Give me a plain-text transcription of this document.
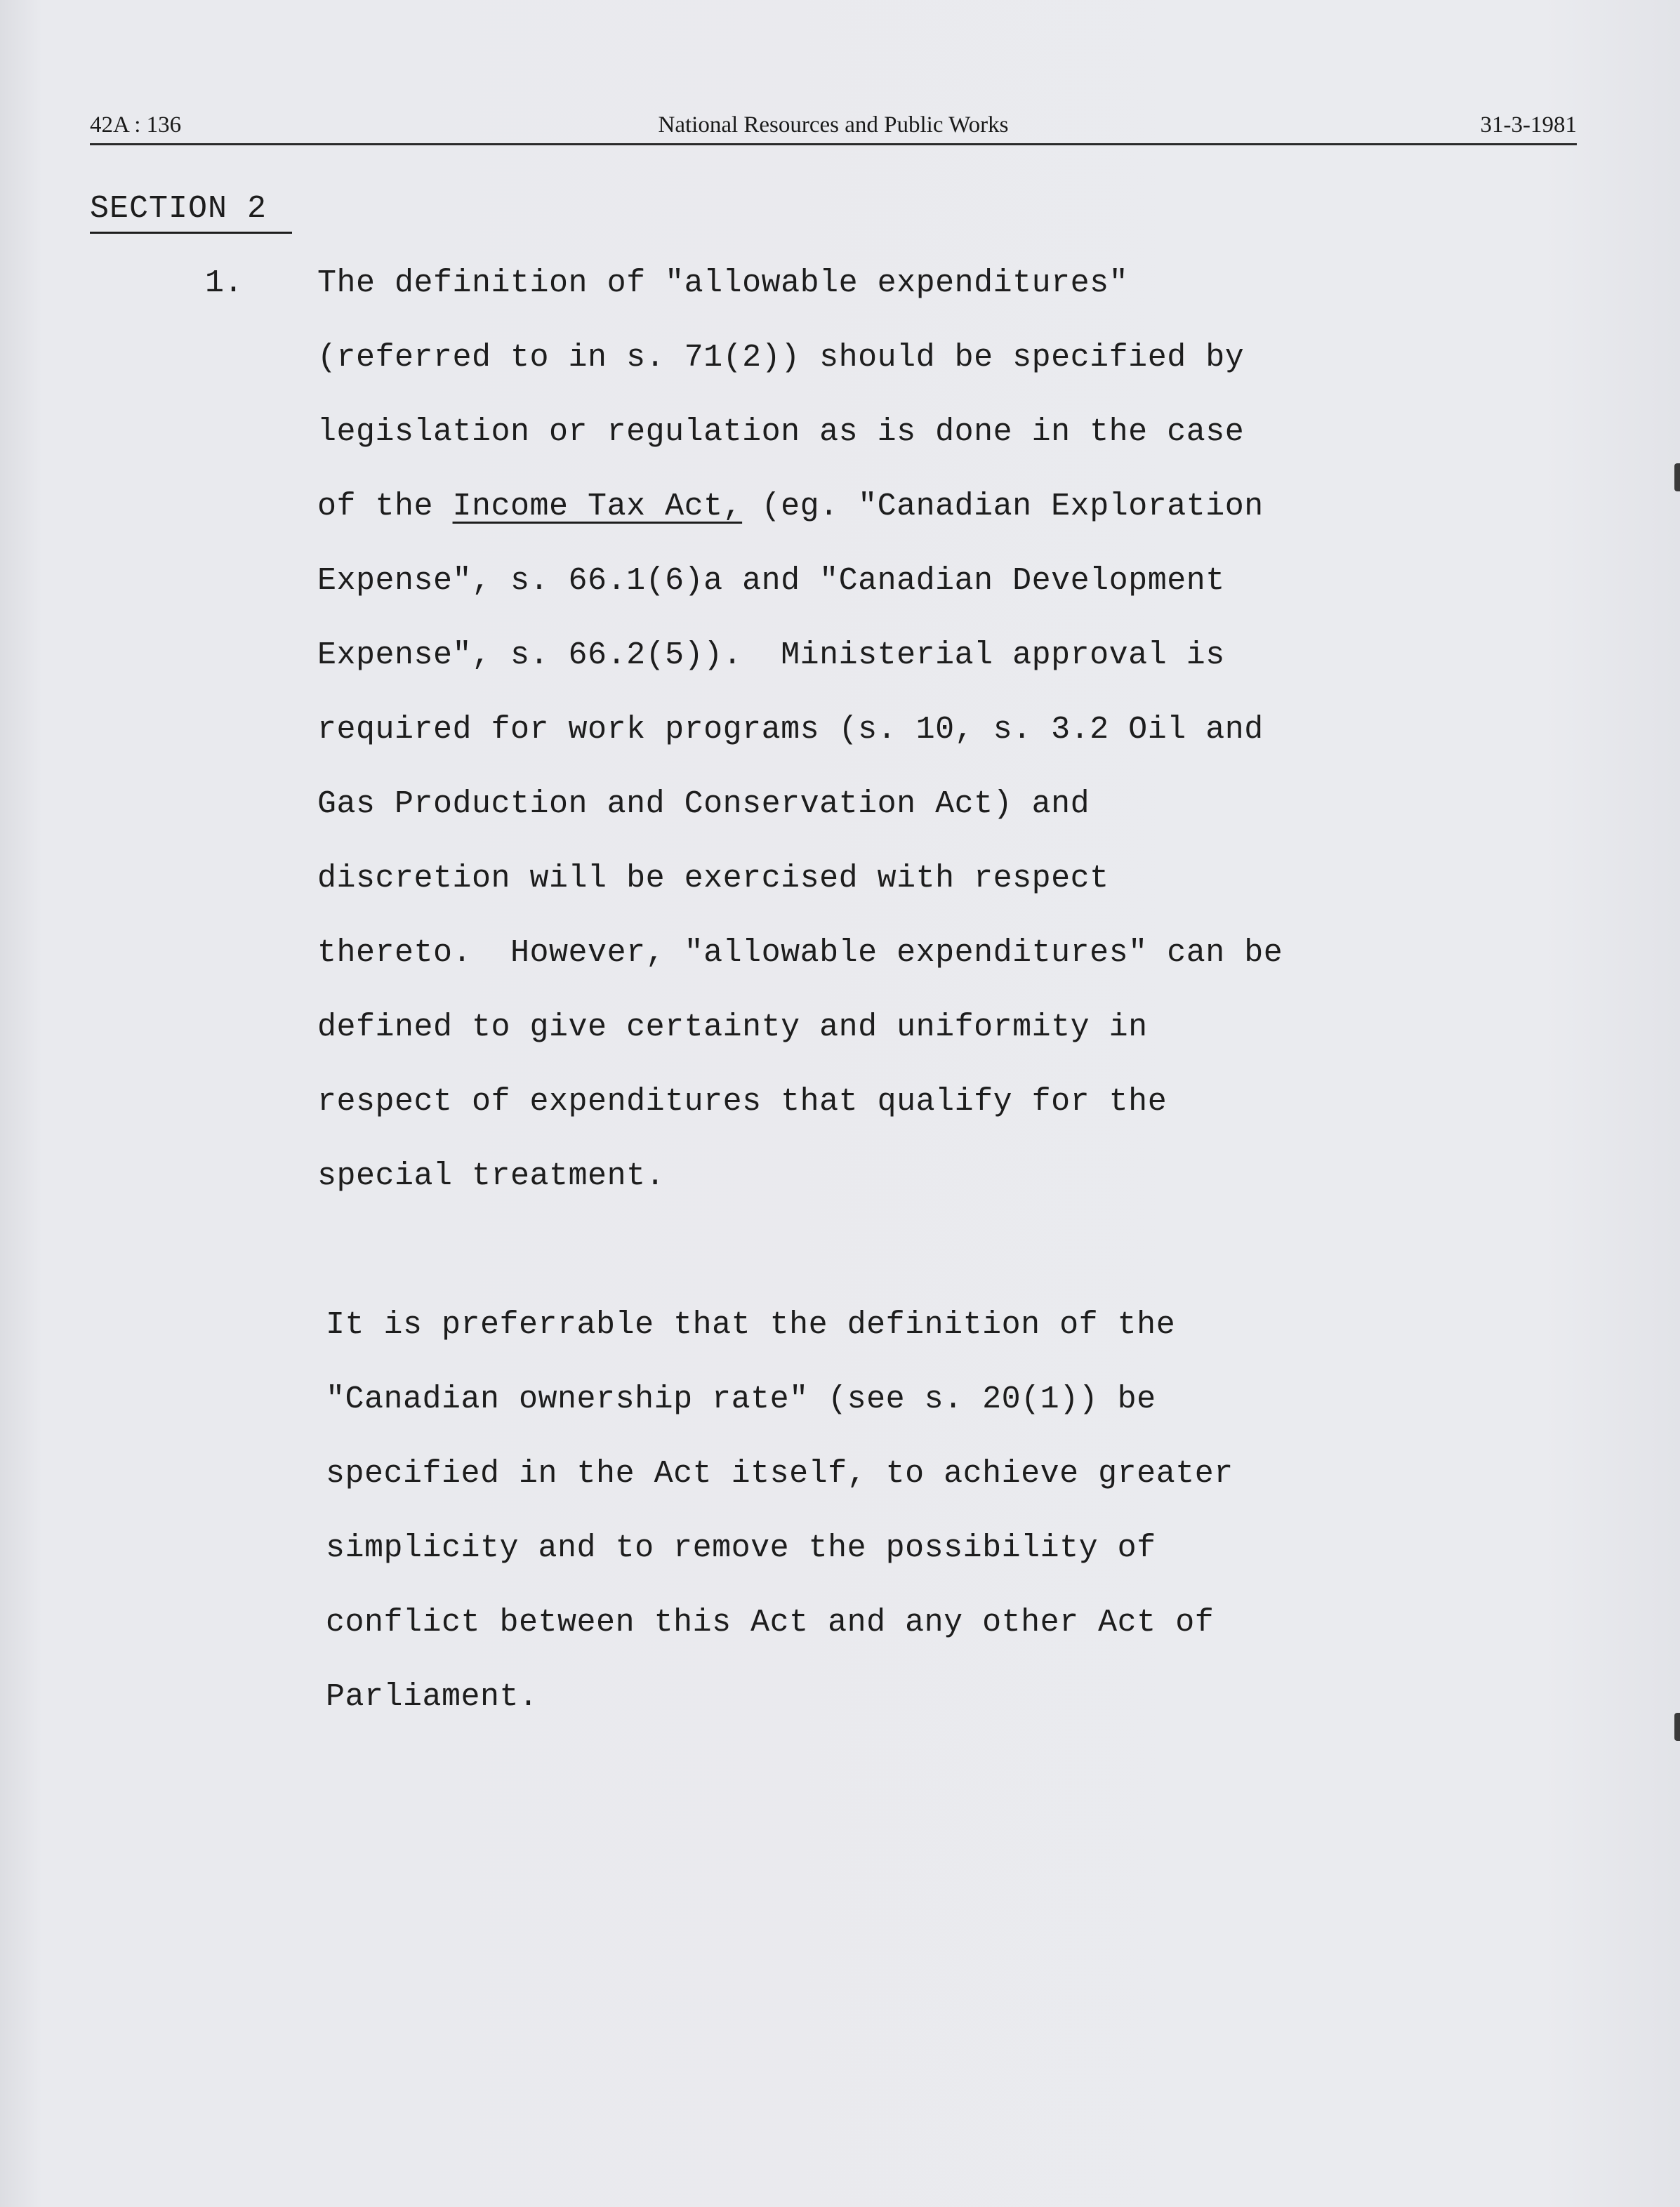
42A : 136	National Resources and Public Works	31-3-1981
SECTION 2
1. The definition of "allowable expenditures"
(referred to in s. 71(2)) should be specified by
legislation or regulation as is done in the case
of the Income Tax Act, (eg. "Canadian Exploration
Expense", s. 66.1(6)a and "Canadian Development
Expense", s. 66.2(5)).  Ministerial approval is
required for work programs (s. 10, s. 3.2 Oil and
Gas Production and Conservation Act) and
discretion will be exercised with respect
thereto.  However, "allowable expenditures" can be
defined to give certainty and uniformity in
respect of expenditures that qualify for the
special treatment.
It is preferrable that the definition of the
"Canadian ownership rate" (see s. 20(1)) be
specified in the Act itself, to achieve greater
simplicity and to remove the possibility of
conflict between this Act and any other Act of
Parliament.
